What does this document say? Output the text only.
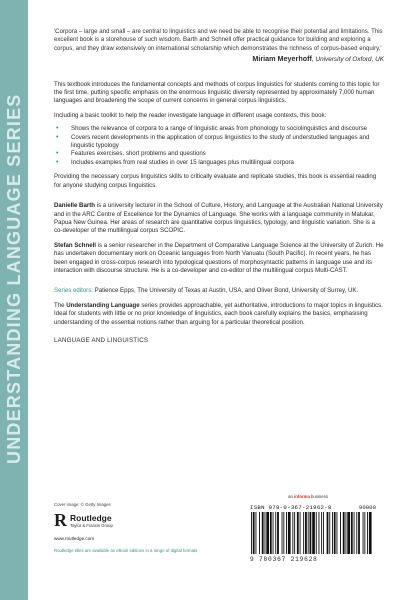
UNDERSTANDING LANGUAGE SERIES

'Corpora – large and small – are central to linguistics and we need be able to recognise their potential and limitations. This excellent book is a storehouse of such wisdom. Barth and Schnell offer practical guidance for building and exploring a corpus, and they draw extensively on international scholarship which demonstrates the richness of corpus-based enquiry.'

Miriam Meyerhoff, University of Oxford, UK

This textbook introduces the fundamental concepts and methods of corpus linguistics for students coming to this topic for the first time, putting specific emphasis on the enormous linguistic diversity represented by approximately 7,000 human languages and broadening the scope of current concerns in general corpus linguistics.

Including a basic toolkit to help the reader investigate language in different usage contexts, this book:

• Shows the relevance of corpora to a range of linguistic areas from phonology to sociolinguistics and discourse
• Covers recent developments in the application of corpus linguistics to the study of understudied languages and linguistic typology
• Features exercises, short problems and questions
• Includes examples from real studies in over 15 languages plus multilingual corpora

Providing the necessary corpus linguistics skills to critically evaluate and replicate studies, this book is essential reading for anyone studying corpus linguistics.

Danielle Barth is a university lecturer in the School of Culture, History, and Language at the Australian National University and in the ARC Centre of Excellence for the Dynamics of Language. She works with a language community in Matukar, Papua New Guinea. Her areas of research are quantitative corpus linguistics, typology, and linguistic variation. She is a co-developer of the multilingual corpus SCOPIC.

Stefan Schnell is a senior researcher in the Department of Comparative Language Science at the University of Zurich. He has undertaken documentary work on Oceanic languages from North Vanuatu (South Pacific). In recent years, he has been engaged in cross-corpus research into typological questions of morphosyntactic patterns in language use and its interaction with discourse structure. He is a co-developer and co-editor of the multilingual corpus Multi-CAST.

Series editors: Patience Epps, The University of Texas at Austin, USA, and Oliver Bond, University of Surrey, UK.

The Understanding Language series provides approachable, yet authoritative, introductions to major topics in linguistics. Ideal for students with little or no prior knowledge of linguistics, each book carefully explains the basics, emphasising understanding of the essential notions rather than arguing for a particular theoretical position.

LANGUAGE AND LINGUISTICS

Cover image: © Getty Images
R Routledge
Taylor & Francis Group
www.routledge.com
Routledge titles are available as eBook editions in a range of digital formats
an informa business
ISBN 978-0-367-21962-8	90000
9 780367 219628
